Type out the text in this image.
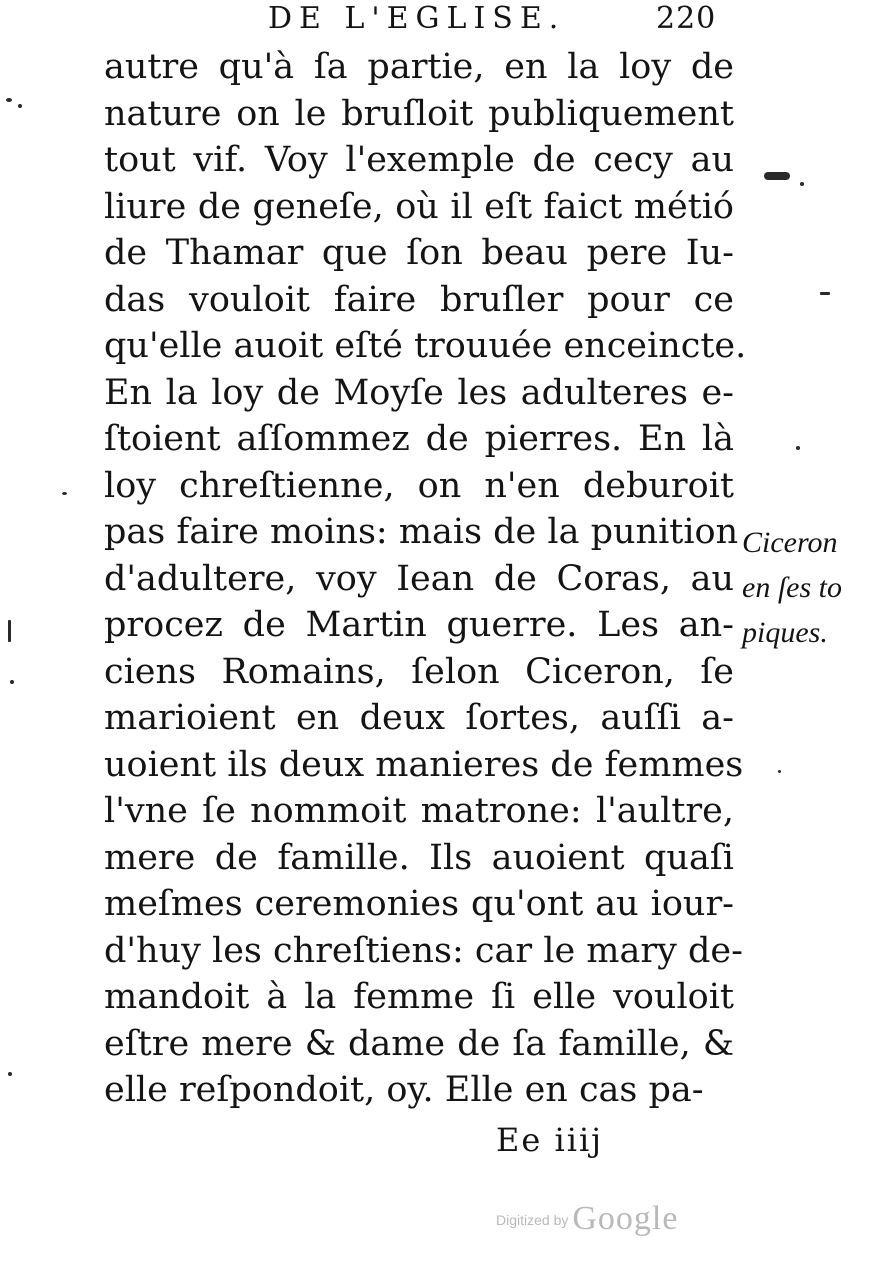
DE L'EGLISE.	220
autre qu'à ſa partie, en la loy de
nature on le bruſloit publiquement
tout vif. Voy l'exemple de cecy au
liure de geneſe, où il eſt faict métió
de Thamar que ſon beau pere Iu-
das vouloit faire bruſler pour ce
qu'elle auoit eſté trouuée enceincte.
En la loy de Moyſe les adulteres e-
ſtoient aſſommez de pierres. En là
loy chreſtienne, on n'en deburoit
pas faire moins: mais de la punition
d'adultere, voy Iean de Coras, au
procez de Martin guerre. Les an-
ciens Romains, ſelon Ciceron, ſe
marioient en deux ſortes, auſſi a-
uoient ils deux manieres de femmes
l'vne ſe nommoit matrone: l'aultre,
mere de famille. Ils auoient quaſi
meſmes ceremonies qu'ont au iour-
d'huy les chreſtiens: car le mary de-
mandoit à la femme ſi elle vouloit
eſtre mere & dame de ſa famille, &
elle reſpondoit, oy. Elle en cas pa-
Ciceron
en ſes to
piques.
Ee iiij
Digitized by Google
